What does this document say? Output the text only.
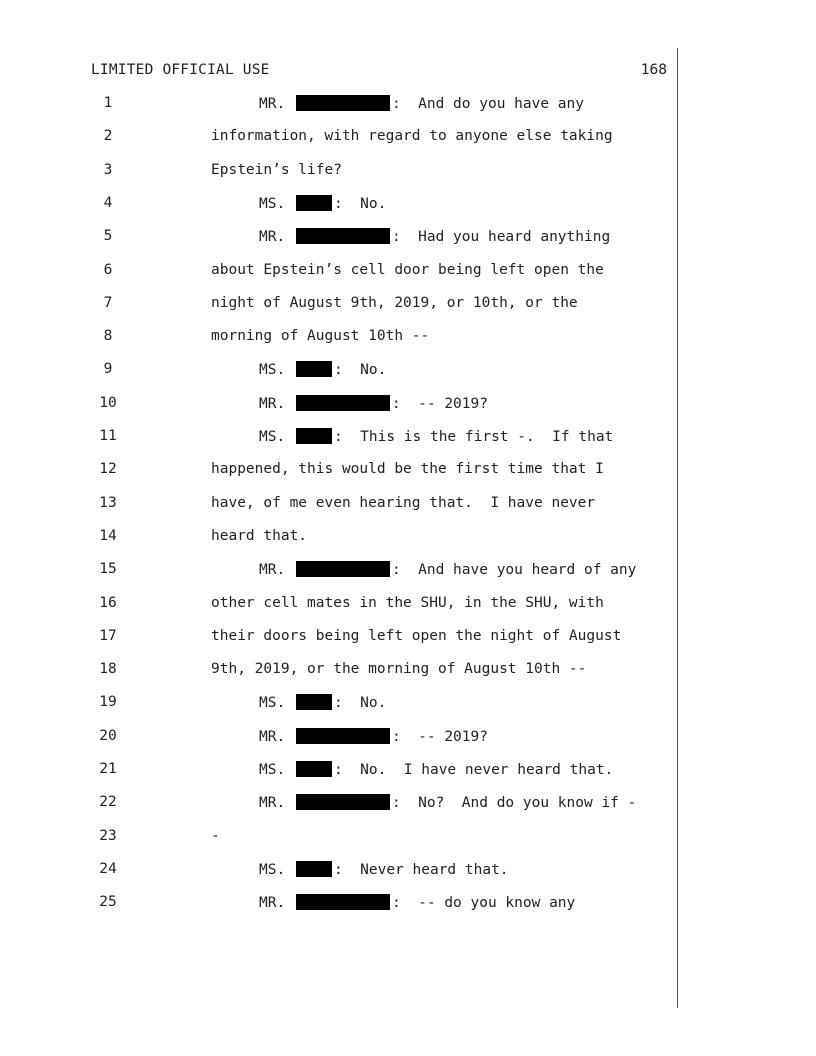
LIMITED OFFICIAL USE	168
1	MR.	:  And do you have any
2	information, with regard to anyone else taking
3	Epstein’s life?
4	MS.	:  No.
5	MR.	:  Had you heard anything
6	about Epstein’s cell door being left open the
7	night of August 9th, 2019, or 10th, or the
8	morning of August 10th --
9	MS.	:  No.
10	MR.	:  -- 2019?
11	MS.	:  This is the first -.  If that
12	happened, this would be the first time that I
13	have, of me even hearing that.  I have never
14	heard that.
15	MR.	:  And have you heard of any
16	other cell mates in the SHU, in the SHU, with
17	their doors being left open the night of August
18	9th, 2019, or the morning of August 10th --
19	MS.	:  No.
20	MR.	:  -- 2019?
21	MS.	:  No.  I have never heard that.
22	MR.	:  No?  And do you know if -
23	-
24	MS.	:  Never heard that.
25	MR.	:  -- do you know any
